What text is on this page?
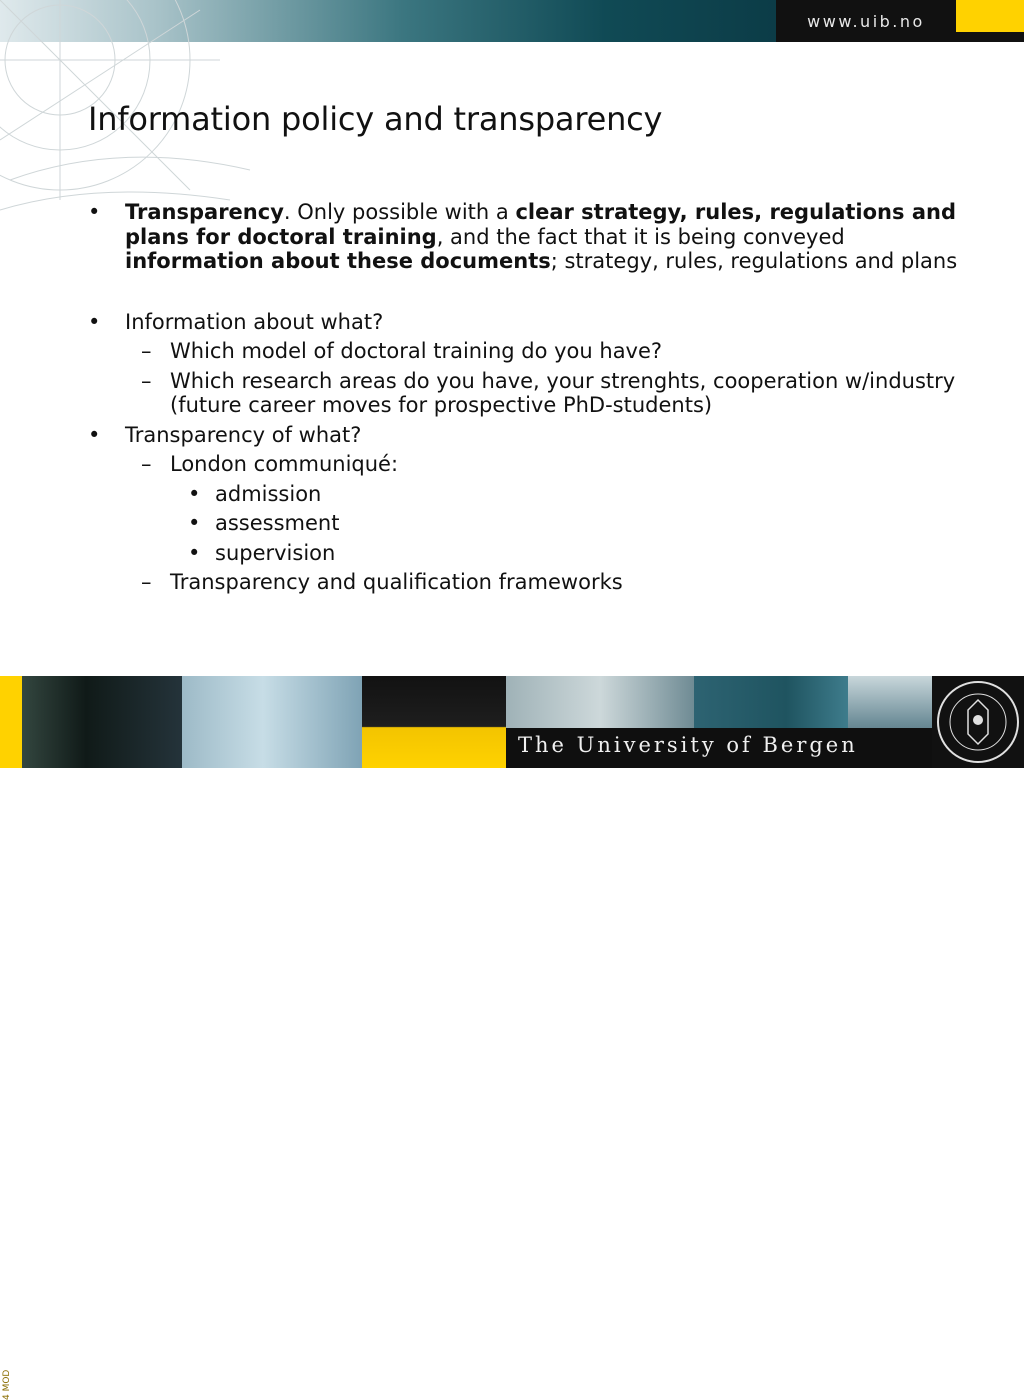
www.uib.no
Information policy and transparency
• Transparency. Only possible with a clear strategy, rules, regulations and plans for doctoral training, and the fact that it is being conveyed information about these documents; strategy, rules, regulations and plans
• Information about what?
– Which model of doctoral training do you have?
– Which research areas do you have, your strenghts, cooperation w/industry (future career moves for prospective PhD-students)
• Transparency of what?
– London communiqué:
• admission
• assessment
• supervision
– Transparency and qualification frameworks
4 MOD
The University of Bergen
